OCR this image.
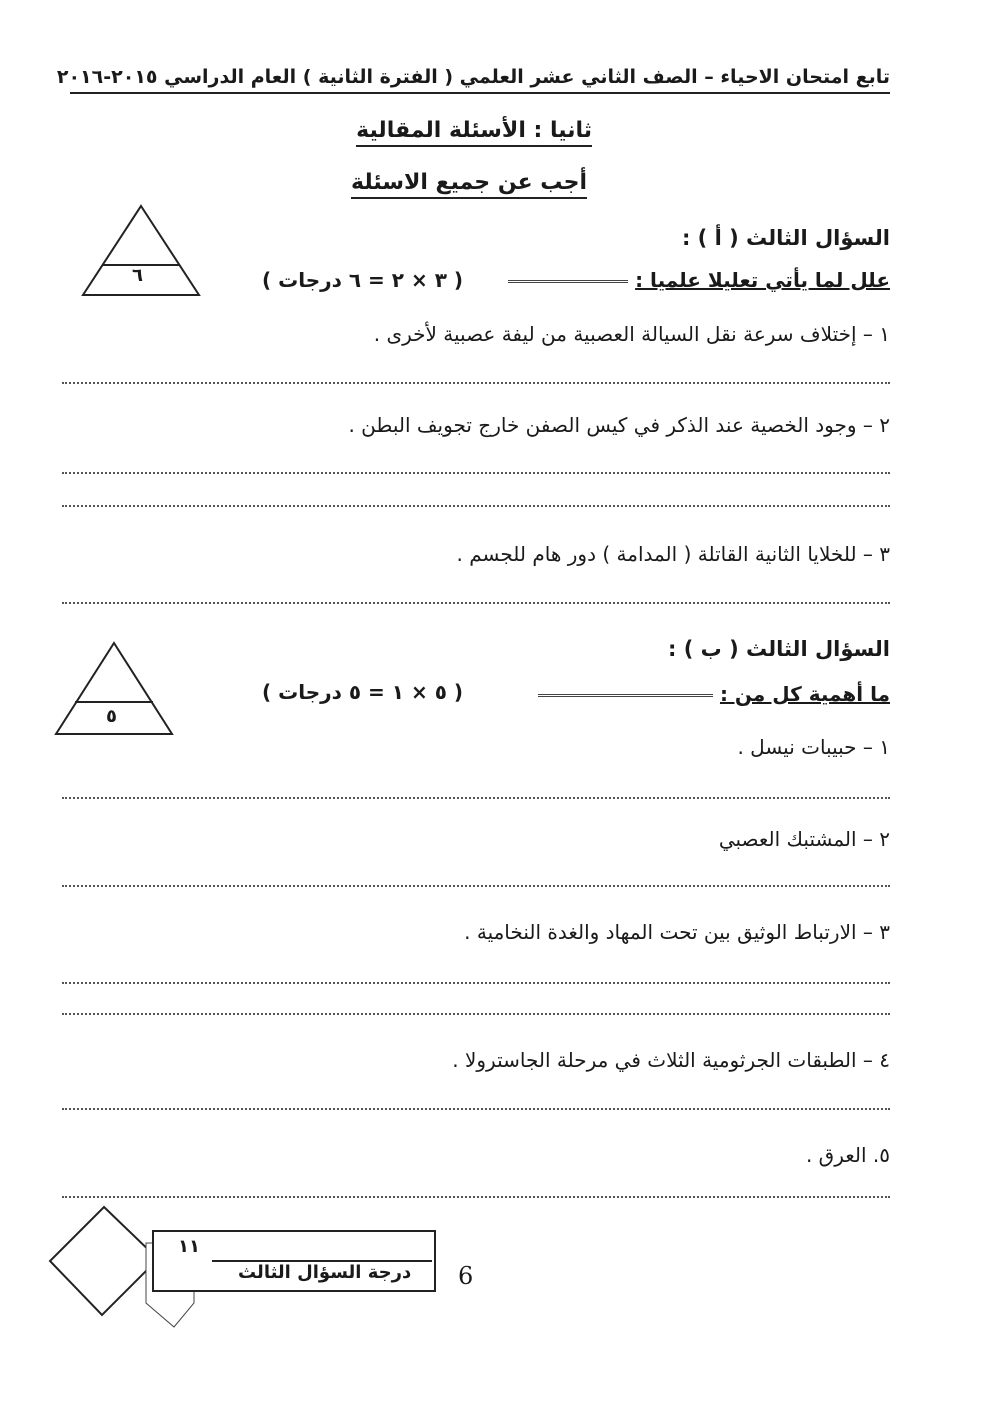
تابع امتحان الاحياء – الصف الثاني عشر العلمي ( الفترة الثانية ) العام الدراسي ٢٠١٥-٢٠١٦
ثانيا : الأسئلة المقالية
أجب عن جميع الاسئلة
٦
السؤال الثالث ( أ ) :
علل لما يأتي تعليلا علميا :
( ٣ × ٢ = ٦ درجات )
١ – إختلاف سرعة نقل السيالة العصبية من ليفة عصبية لأخرى .
٢ – وجود الخصية عند الذكر في كيس الصفن خارج تجويف البطن .
٣ – للخلايا الثانية القاتلة ( المدامة ) دور هام للجسم .
٥
السؤال الثالث ( ب ) :
ما أهمية كل من :
( ٥ × ١ = ٥ درجات )
١ – حبيبات نيسل .
٢ – المشتبك العصبي
٣ – الارتباط الوثيق بين تحت المهاد والغدة النخامية .
٤ – الطبقات الجرثومية الثلاث في مرحلة الجاسترولا .
٥. العرق .
١١
درجة السؤال الثالث 6
